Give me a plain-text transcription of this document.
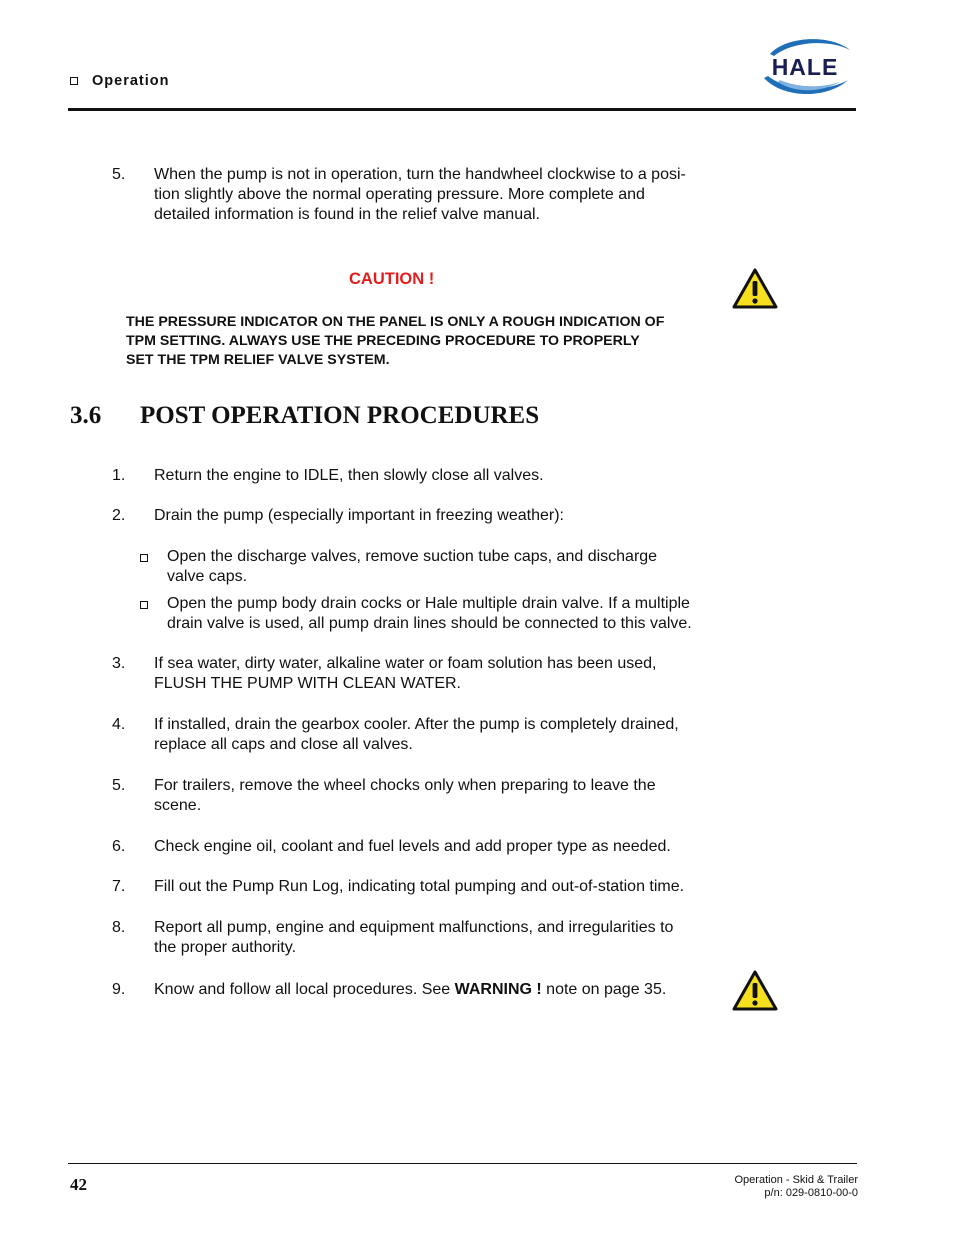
Operation
HALE
5.	When the pump is not in operation, turn the handwheel clockwise to a posi-
tion slightly above the normal operating pressure. More complete and
detailed information is found in the relief valve manual.
CAUTION !
THE PRESSURE INDICATOR ON THE PANEL IS ONLY A ROUGH INDICATION OF
TPM SETTING. ALWAYS USE THE PRECEDING PROCEDURE TO PROPERLY
SET THE TPM RELIEF VALVE SYSTEM.
3.6	POST OPERATION PROCEDURES
1.	Return the engine to IDLE, then slowly close all valves.
2.	Drain the pump (especially important in freezing weather):
Open the discharge valves, remove suction tube caps, and discharge
valve caps.
Open the pump body drain cocks or Hale multiple drain valve. If a multiple
drain valve is used, all pump drain lines should be connected to this valve.
3.	If sea water, dirty water, alkaline water or foam solution has been used,
FLUSH THE PUMP WITH CLEAN WATER.
4.	If installed, drain the gearbox cooler. After the pump is completely drained,
replace all caps and close all valves.
5.	For trailers, remove the wheel chocks only when preparing to leave the
scene.
6.	Check engine oil, coolant and fuel levels and add proper type as needed.
7.	Fill out the Pump Run Log, indicating total pumping and out-of-station time.
8.	Report all pump, engine and equipment malfunctions, and irregularities to
the proper authority.
9.	Know and follow all local procedures. See WARNING ! note on page 35.
42	Operation - Skid & Trailer
p/n: 029-0810-00-0
